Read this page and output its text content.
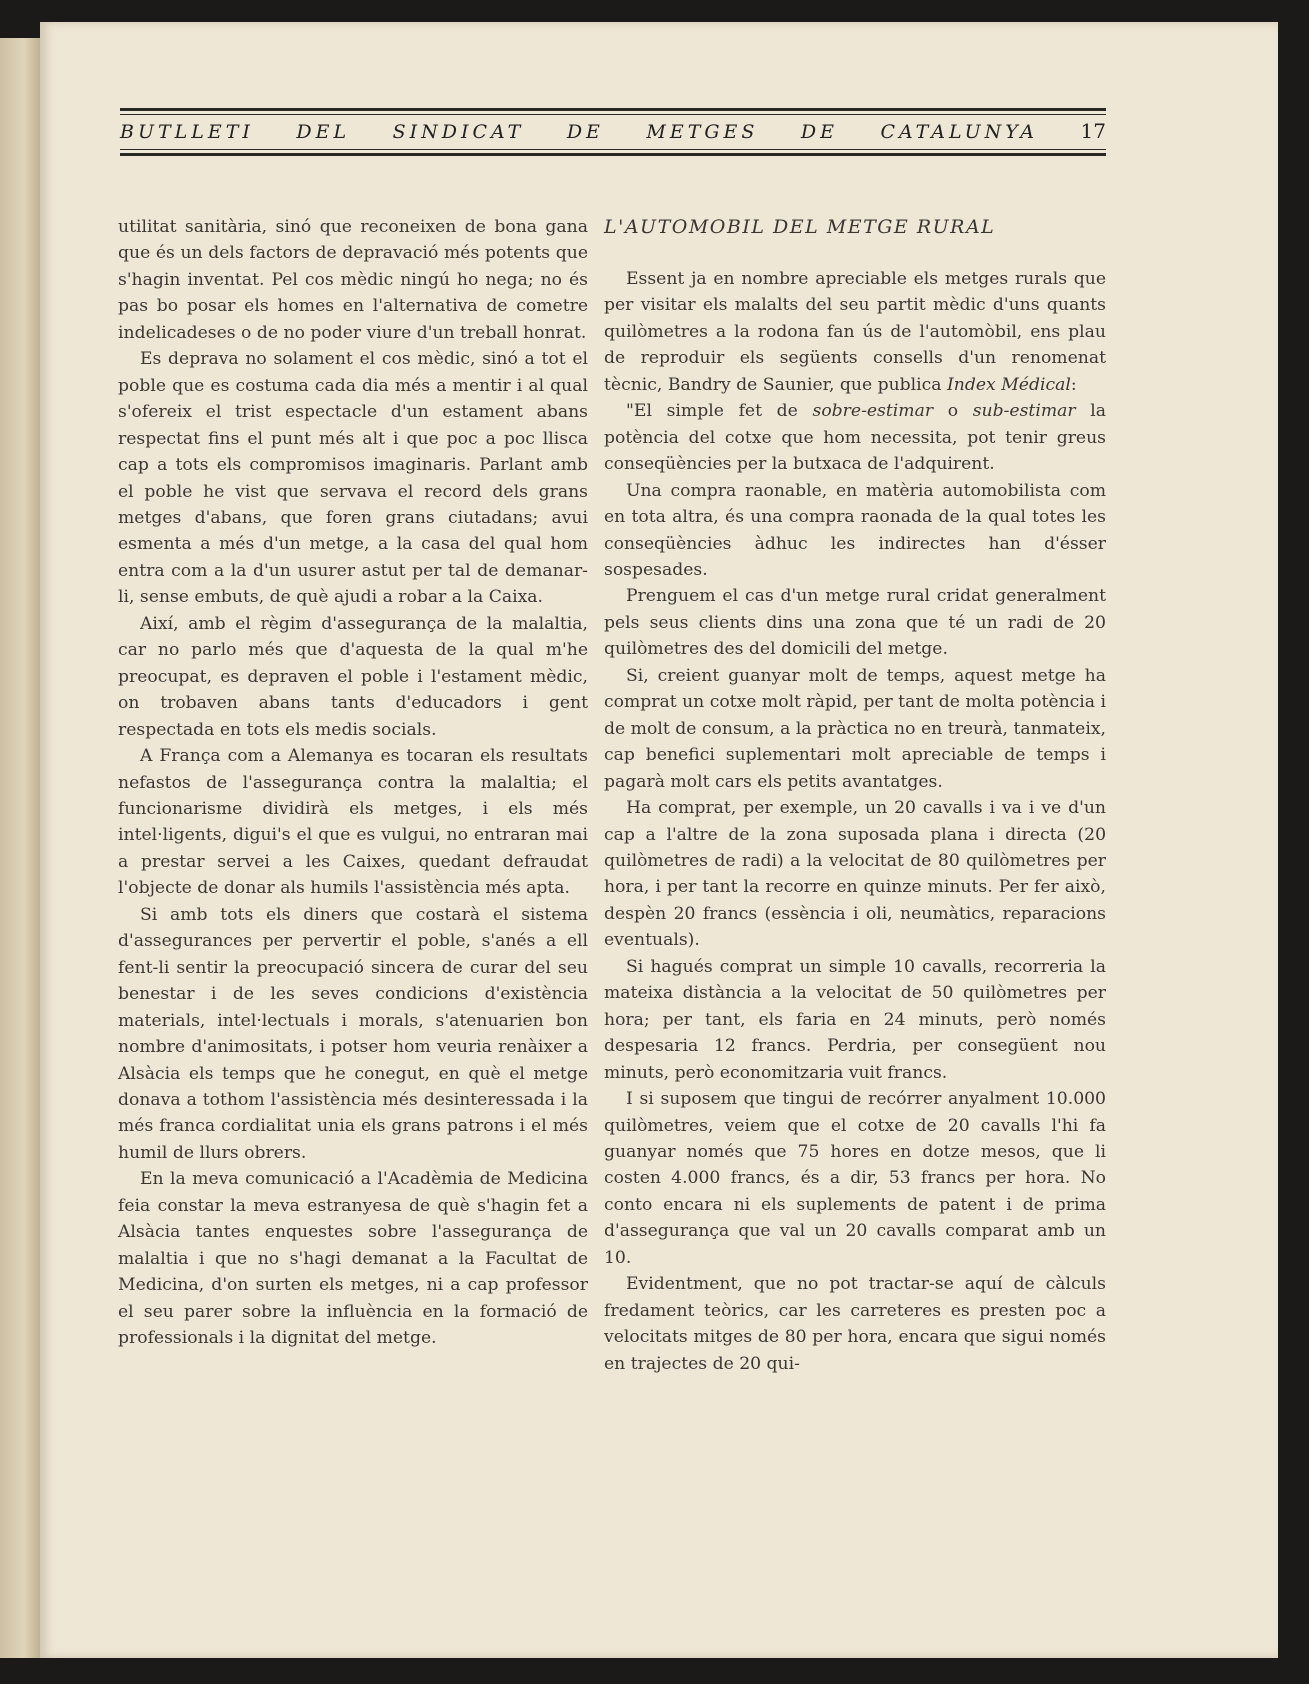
BUTLLETI DEL SINDICAT DE METGES DE CATALUNYA 17

utilitat sanitària, sinó que reconeixen de bona gana que és un dels factors de depravació més potents que s'hagin inventat. Pel cos mèdic ningú ho nega; no és pas bo posar els homes en l'alternativa de cometre indelicadeses o de no poder viure d'un treball honrat.

Es deprava no solament el cos mèdic, sinó a tot el poble que es costuma cada dia més a mentir i al qual s'ofereix el trist espectacle d'un estament abans respectat fins el punt més alt i que poc a poc llisca cap a tots els compromisos imaginaris. Parlant amb el poble he vist que servava el record dels grans metges d'abans, que foren grans ciutadans; avui esmenta a més d'un metge, a la casa del qual hom entra com a la d'un usurer astut per tal de demanar-li, sense embuts, de què ajudi a robar a la Caixa.

Així, amb el règim d'assegurança de la malaltia, car no parlo més que d'aquesta de la qual m'he preocupat, es depraven el poble i l'estament mèdic, on trobaven abans tants d'educadors i gent respectada en tots els medis socials.

A França com a Alemanya es tocaran els resultats nefastos de l'assegurança contra la malaltia; el funcionarisme dividirà els metges, i els més intel·ligents, digui's el que es vulgui, no entraran mai a prestar servei a les Caixes, quedant defraudat l'objecte de donar als humils l'assistència més apta.

Si amb tots els diners que costarà el sistema d'assegurances per pervertir el poble, s'anés a ell fent-li sentir la preocupació sincera de curar del seu benestar i de les seves condicions d'existència materials, intel·lectuals i morals, s'atenuarien bon nombre d'animositats, i potser hom veuria renàixer a Alsàcia els temps que he conegut, en què el metge donava a tothom l'assistència més desinteressada i la més franca cordialitat unia els grans patrons i el més humil de llurs obrers.

En la meva comunicació a l'Acadèmia de Medicina feia constar la meva estranyesa de què s'hagin fet a Alsàcia tantes enquestes sobre l'assegurança de malaltia i que no s'hagi demanat a la Facultat de Medicina, d'on surten els metges, ni a cap professor el seu parer sobre la influència en la formació de professionals i la dignitat del metge.

L'AUTOMOBIL DEL METGE RURAL

Essent ja en nombre apreciable els metges rurals que per visitar els malalts del seu partit mèdic d'uns quants quilòmetres a la rodona fan ús de l'automòbil, ens plau de reproduir els següents consells d'un renomenat tècnic, Bandry de Saunier, que publica Index Médical:

"El simple fet de sobre-estimar o sub-estimar la potència del cotxe que hom necessita, pot tenir greus conseqüències per la butxaca de l'adquirent.

Una compra raonable, en matèria automobilista com en tota altra, és una compra raonada de la qual totes les conseqüències àdhuc les indirectes han d'ésser sospesades.

Prenguem el cas d'un metge rural cridat generalment pels seus clients dins una zona que té un radi de 20 quilòmetres des del domicili del metge.

Si, creient guanyar molt de temps, aquest metge ha comprat un cotxe molt ràpid, per tant de molta potència i de molt de consum, a la pràctica no en treurà, tanmateix, cap benefici suplementari molt apreciable de temps i pagarà molt cars els petits avantatges.

Ha comprat, per exemple, un 20 cavalls i va i ve d'un cap a l'altre de la zona suposada plana i directa (20 quilòmetres de radi) a la velocitat de 80 quilòmetres per hora, i per tant la recorre en quinze minuts. Per fer això, despèn 20 francs (essència i oli, neumàtics, reparacions eventuals).

Si hagués comprat un simple 10 cavalls, recorreria la mateixa distància a la velocitat de 50 quilòmetres per hora; per tant, els faria en 24 minuts, però només despesaria 12 francs. Perdria, per consegüent nou minuts, però economitzaria vuit francs.

I si suposem que tingui de recórrer anyalment 10.000 quilòmetres, veiem que el cotxe de 20 cavalls l'hi fa guanyar només que 75 hores en dotze mesos, que li costen 4.000 francs, és a dir, 53 francs per hora. No conto encara ni els suplements de patent i de prima d'assegurança que val un 20 cavalls comparat amb un 10.

Evidentment, que no pot tractar-se aquí de càlculs fredament teòrics, car les carreteres es presten poc a velocitats mitges de 80 per hora, encara que sigui només en trajectes de 20 qui-
